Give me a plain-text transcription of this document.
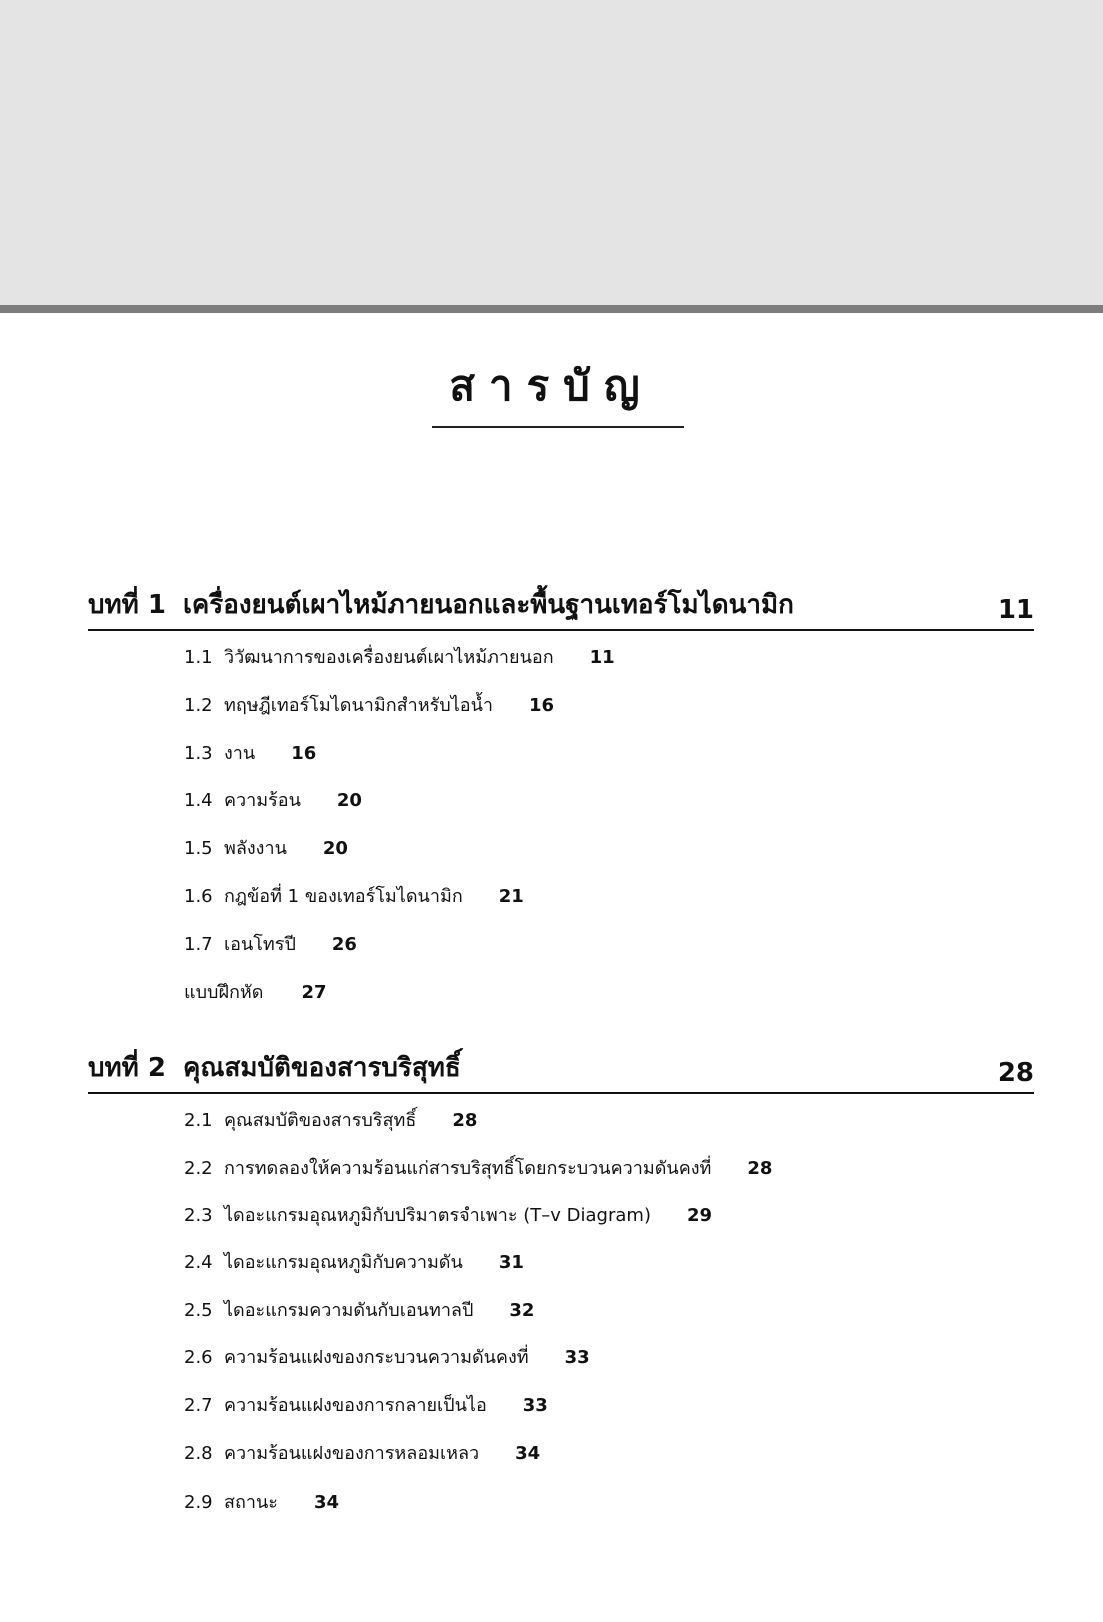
สารบัญ
บทที่ 1 เครื่องยนต์เผาไหม้ภายนอกและพื้นฐานเทอร์โมไดนามิก	11
1.1 วิวัฒนาการของเครื่องยนต์เผาไหม้ภายนอก 11
1.2 ทฤษฎีเทอร์โมไดนามิกสำหรับไอน้ำ 16
1.3 งาน 16
1.4 ความร้อน 20
1.5 พลังงาน 20
1.6 กฎข้อที่ 1 ของเทอร์โมไดนามิก 21
1.7 เอนโทรปี 26
แบบฝึกหัด 27
บทที่ 2 คุณสมบัติของสารบริสุทธิ์	28
2.1 คุณสมบัติของสารบริสุทธิ์ 28
2.2 การทดลองให้ความร้อนแก่สารบริสุทธิ์โดยกระบวนความดันคงที่ 28
2.3 ไดอะแกรมอุณหภูมิกับปริมาตรจำเพาะ (T–v Diagram) 29
2.4 ไดอะแกรมอุณหภูมิกับความดัน 31
2.5 ไดอะแกรมความดันกับเอนทาลปี 32
2.6 ความร้อนแฝงของกระบวนความดันคงที่ 33
2.7 ความร้อนแฝงของการกลายเป็นไอ 33
2.8 ความร้อนแฝงของการหลอมเหลว 34
2.9 สถานะ 34
